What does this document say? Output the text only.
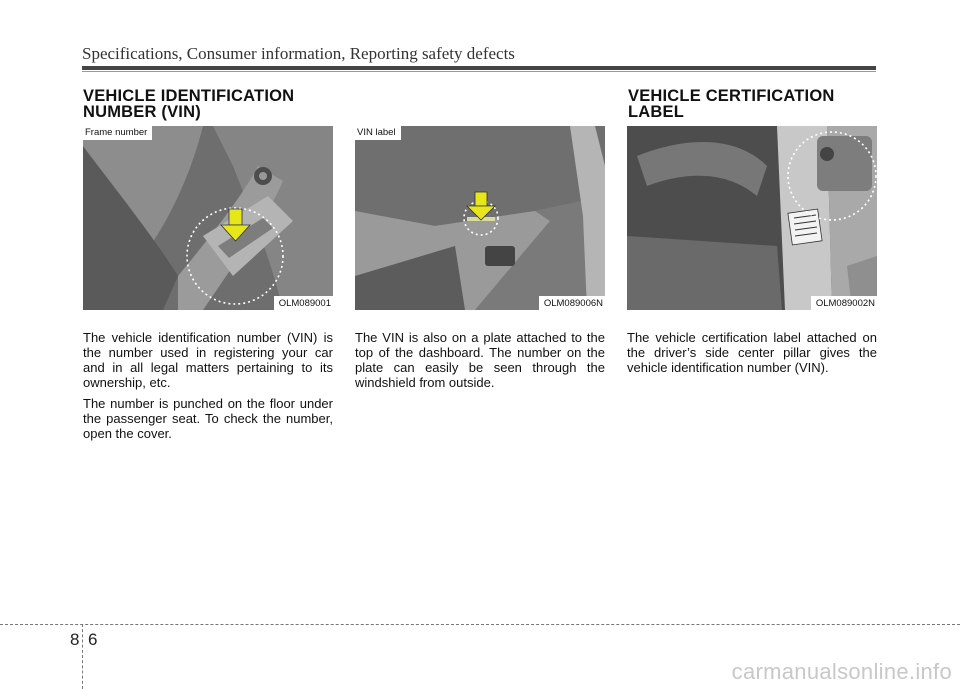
Specifications, Consumer information, Reporting safety defects
VEHICLE IDENTIFICATION
NUMBER (VIN)
VEHICLE CERTIFICATION
LABEL
Frame number
OLM089001
VIN label
OLM089006N	OLM089002N

The vehicle identification number (VIN) is the number used in registering your car and in all legal matters pertaining to its ownership, etc.

The number is punched on the floor under the passenger seat. To check the number, open the cover.

The VIN is also on a plate attached to the top of the dashboard. The number on the plate can easily be seen through the windshield from outside.

The vehicle certification label attached on the driver’s side center pillar gives the vehicle identification number (VIN).

8 6
carmanualsonline.info
